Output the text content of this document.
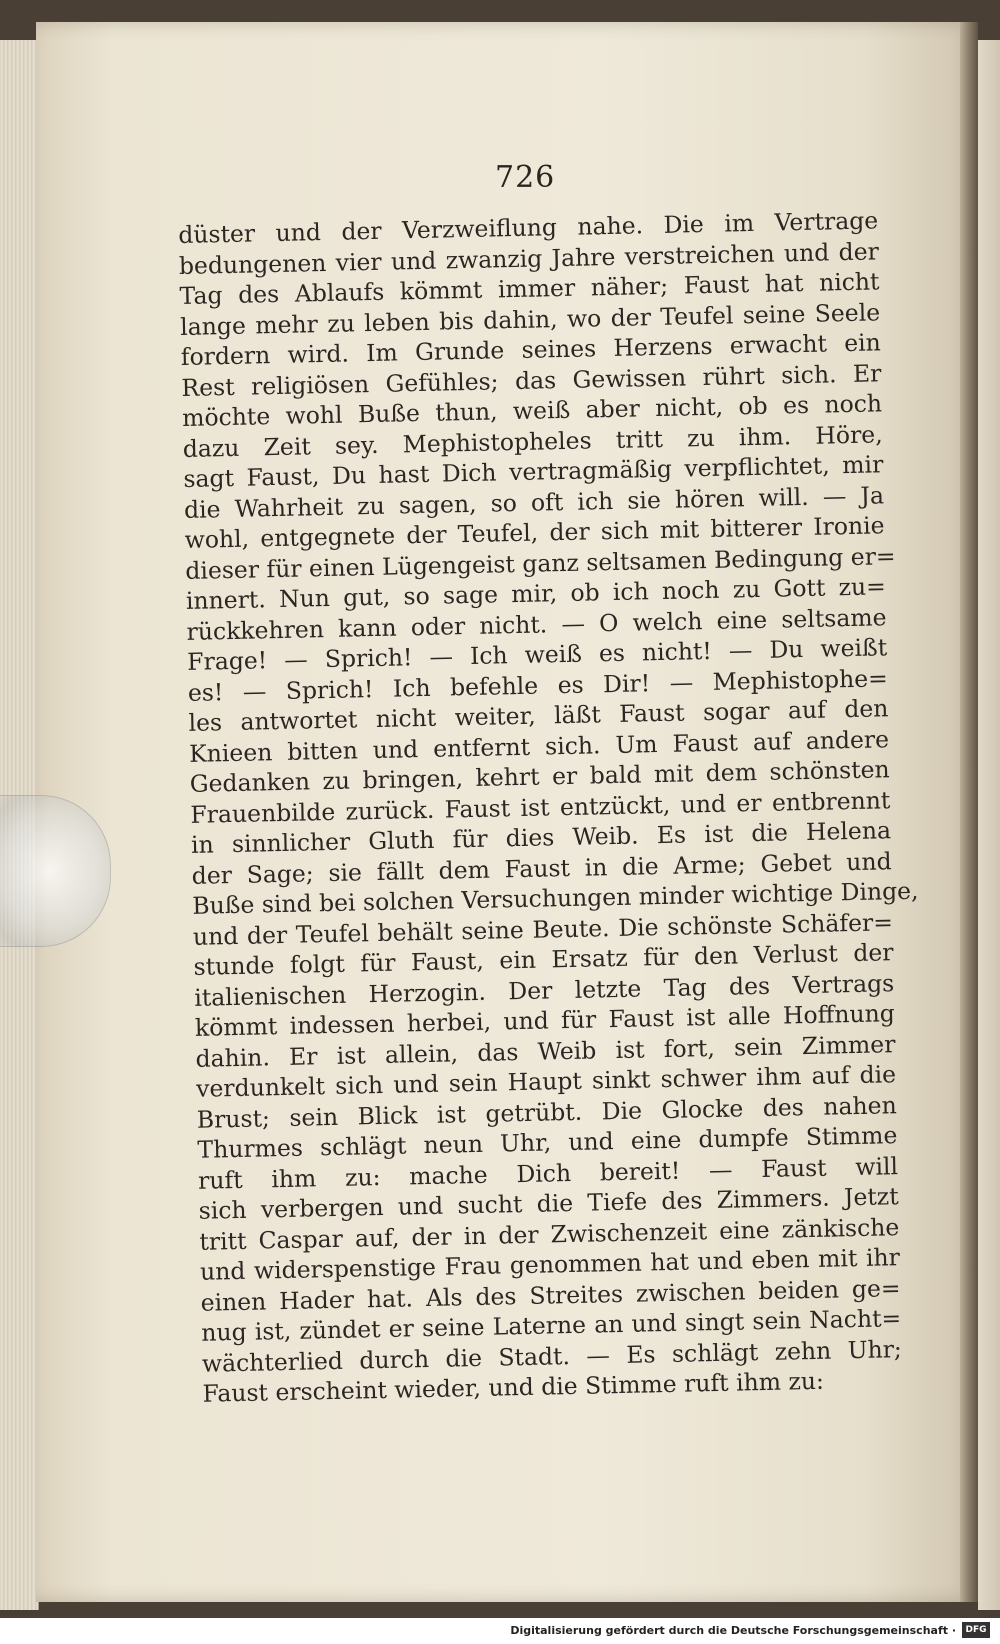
726
düster und der Verzweiflung nahe. Die im Vertrage
bedungenen vier und zwanzig Jahre verstreichen und der
Tag des Ablaufs kömmt immer näher; Faust hat nicht
lange mehr zu leben bis dahin, wo der Teufel seine Seele
fordern wird. Im Grunde seines Herzens erwacht ein
Rest religiösen Gefühles; das Gewissen rührt sich. Er
möchte wohl Buße thun, weiß aber nicht, ob es noch
dazu Zeit sey. Mephistopheles tritt zu ihm. Höre,
sagt Faust, Du hast Dich vertragmäßig verpflichtet, mir
die Wahrheit zu sagen, so oft ich sie hören will. — Ja
wohl, entgegnete der Teufel, der sich mit bitterer Ironie
dieser für einen Lügengeist ganz seltsamen Bedingung er=
innert. Nun gut, so sage mir, ob ich noch zu Gott zu=
rückkehren kann oder nicht. — O welch eine seltsame
Frage! — Sprich! — Ich weiß es nicht! — Du weißt
es! — Sprich! Ich befehle es Dir! — Mephistophe=
les antwortet nicht weiter, läßt Faust sogar auf den
Knieen bitten und entfernt sich. Um Faust auf andere
Gedanken zu bringen, kehrt er bald mit dem schönsten
Frauenbilde zurück. Faust ist entzückt, und er entbrennt
in sinnlicher Gluth für dies Weib. Es ist die Helena
der Sage; sie fällt dem Faust in die Arme; Gebet und
Buße sind bei solchen Versuchungen minder wichtige Dinge,
und der Teufel behält seine Beute. Die schönste Schäfer=
stunde folgt für Faust, ein Ersatz für den Verlust der
italienischen Herzogin. Der letzte Tag des Vertrags
kömmt indessen herbei, und für Faust ist alle Hoffnung
dahin. Er ist allein, das Weib ist fort, sein Zimmer
verdunkelt sich und sein Haupt sinkt schwer ihm auf die
Brust; sein Blick ist getrübt. Die Glocke des nahen
Thurmes schlägt neun Uhr, und eine dumpfe Stimme
ruft ihm zu: mache Dich bereit! — Faust will
sich verbergen und sucht die Tiefe des Zimmers. Jetzt
tritt Caspar auf, der in der Zwischenzeit eine zänkische
und widerspenstige Frau genommen hat und eben mit ihr
einen Hader hat. Als des Streites zwischen beiden ge=
nug ist, zündet er seine Laterne an und singt sein Nacht=
wächterlied durch die Stadt. — Es schlägt zehn Uhr;
Faust erscheint wieder, und die Stimme ruft ihm zu:
Digitalisierung gefördert durch die Deutsche Forschungsgemeinschaft ·	DFG
